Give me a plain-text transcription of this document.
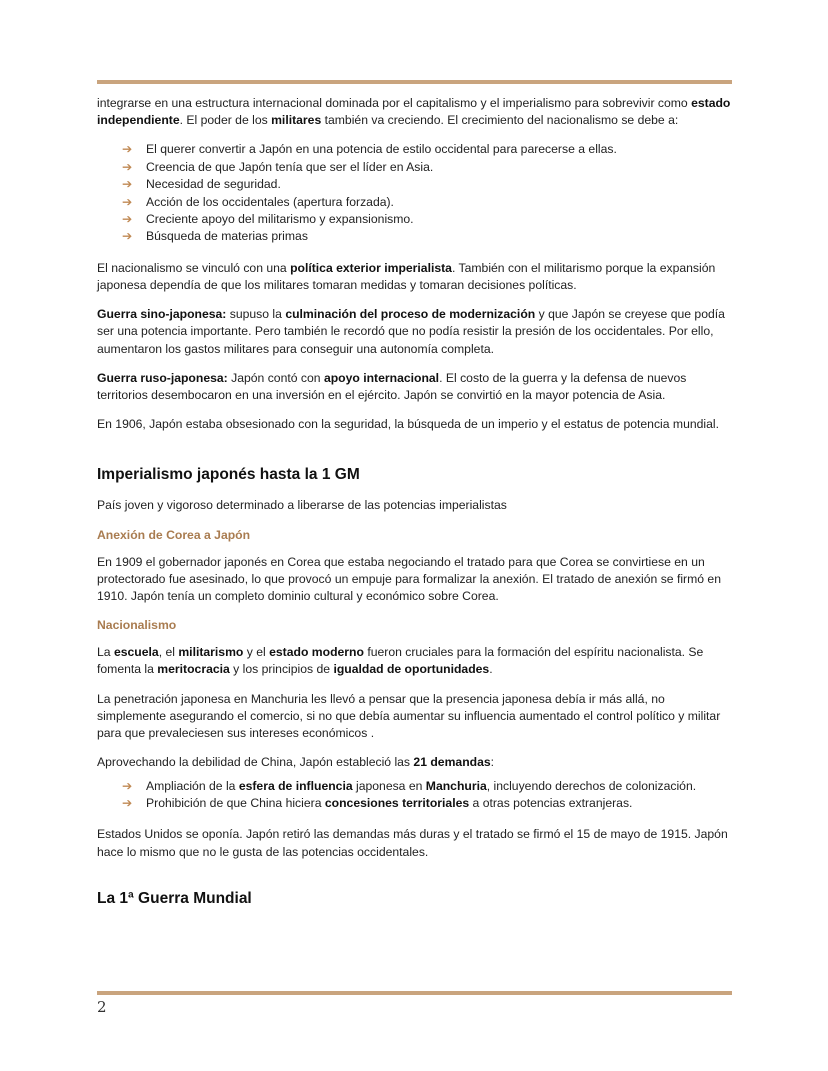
integrarse en una estructura internacional dominada por el capitalismo y el imperialismo para sobrevivir como estado independiente. El poder de los militares también va creciendo. El crecimiento del nacionalismo se debe a:

➔ El querer convertir a Japón en una potencia de estilo occidental para parecerse a ellas.
➔ Creencia de que Japón tenía que ser el líder en Asia.
➔ Necesidad de seguridad.
➔ Acción de los occidentales (apertura forzada).
➔ Creciente apoyo del militarismo y expansionismo.
➔ Búsqueda de materias primas

El nacionalismo se vinculó con una política exterior imperialista. También con el militarismo porque la expansión japonesa dependía de que los militares tomaran medidas y tomaran decisiones políticas.

Guerra sino-japonesa: supuso la culminación del proceso de modernización y que Japón se creyese que podía ser una potencia importante. Pero también le recordó que no podía resistir la presión de los occidentales. Por ello, aumentaron los gastos militares para conseguir una autonomía completa.

Guerra ruso-japonesa: Japón contó con apoyo internacional. El costo de la guerra y la defensa de nuevos territorios desembocaron en una inversión en el ejército. Japón se convirtió en la mayor potencia de Asia.

En 1906, Japón estaba obsesionado con la seguridad, la búsqueda de un imperio y el estatus de potencia mundial.

Imperialismo japonés hasta la 1 GM

País joven y vigoroso determinado a liberarse de las potencias imperialistas

Anexión de Corea a Japón

En 1909 el gobernador japonés en Corea que estaba negociando el tratado para que Corea se convirtiese en un protectorado fue asesinado, lo que provocó un empuje para formalizar la anexión. El tratado de anexión se firmó en 1910. Japón tenía un completo dominio cultural y económico sobre Corea.

Nacionalismo

La escuela, el militarismo y el estado moderno fueron cruciales para la formación del espíritu nacionalista. Se fomenta la meritocracia y los principios de igualdad de oportunidades.

La penetración japonesa en Manchuria les llevó a pensar que la presencia japonesa debía ir más allá, no simplemente asegurando el comercio, si no que debía aumentar su influencia aumentado el control político y militar para que prevaleciesen sus intereses económicos .

Aprovechando la debilidad de China, Japón estableció las 21 demandas:

➔ Ampliación de la esfera de influencia japonesa en Manchuria, incluyendo derechos de colonización.
➔ Prohibición de que China hiciera concesiones territoriales a otras potencias extranjeras.

Estados Unidos se oponía. Japón retiró las demandas más duras y el tratado se firmó el 15 de mayo de 1915. Japón hace lo mismo que no le gusta de las potencias occidentales.

La 1ª Guerra Mundial
2
